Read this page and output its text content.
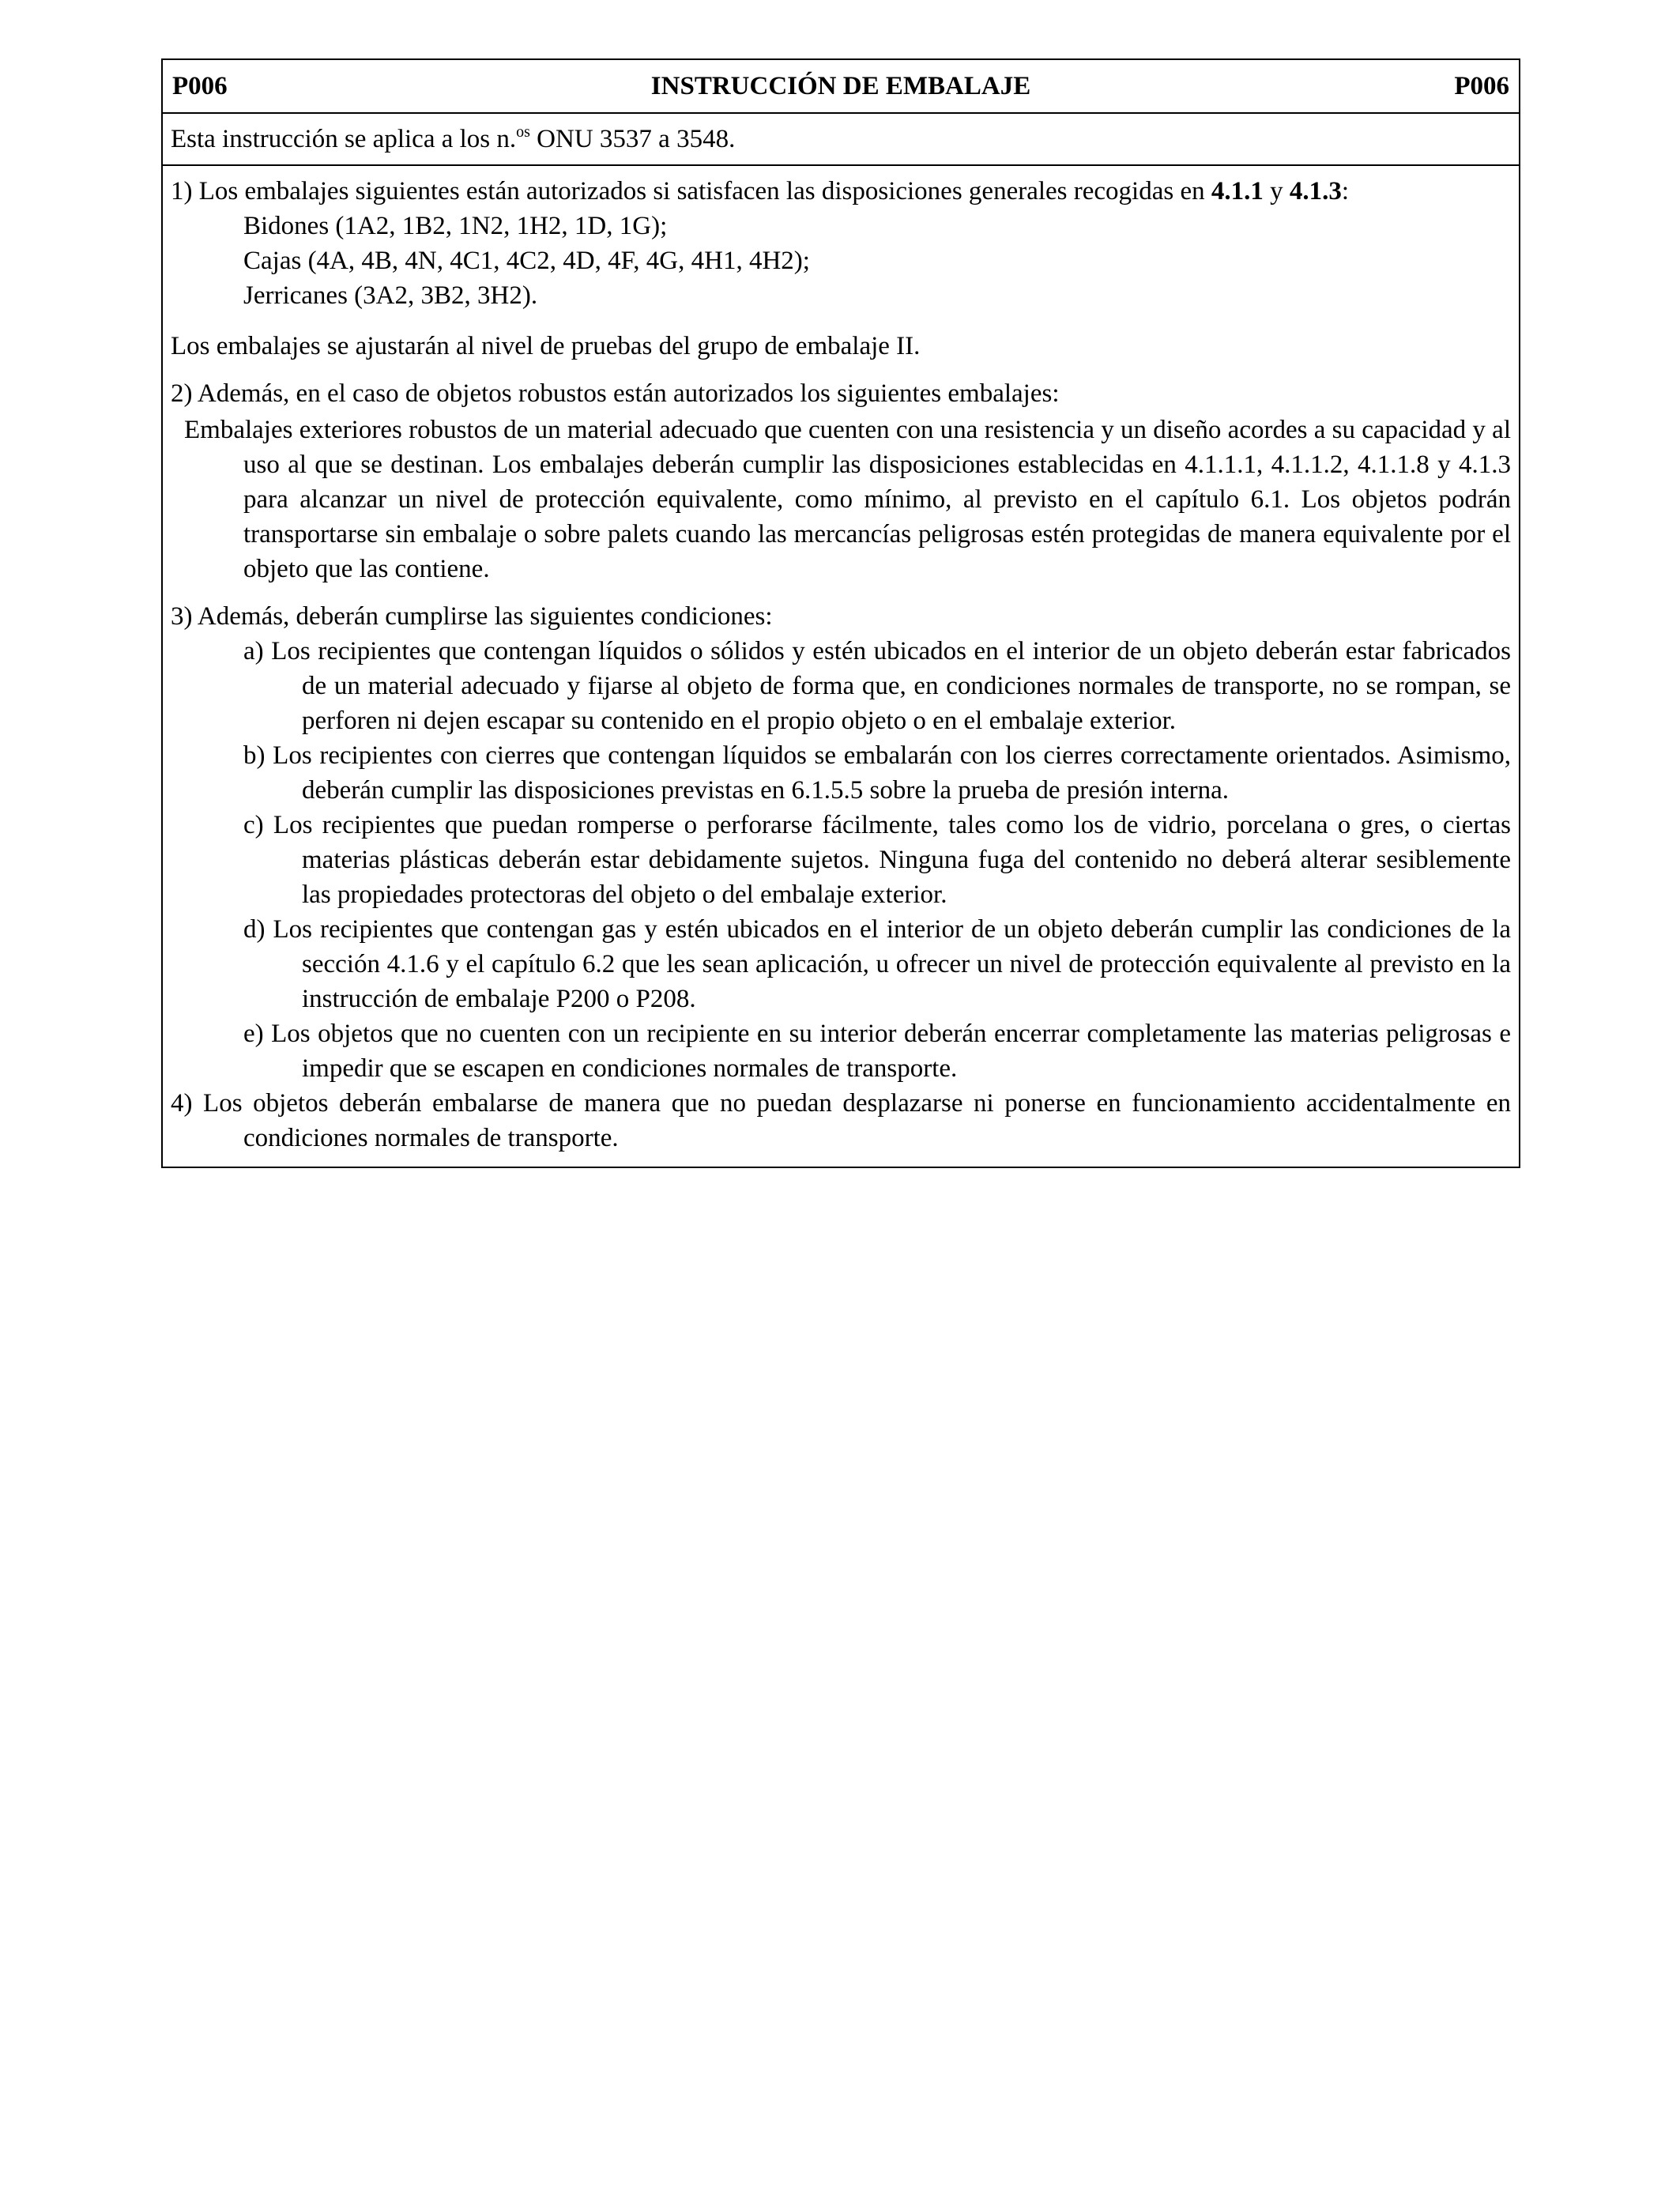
P006	INSTRUCCIÓN DE EMBALAJE	P006
Esta instrucción se aplica a los n.$^{os}$ ONU 3537 a 3548.

1) Los embalajes siguientes están autorizados si satisfacen las disposiciones generales recogidas en 4.1.1 y 4.1.3:

Bidones (1A2, 1B2, 1N2, 1H2, 1D, 1G);

Cajas (4A, 4B, 4N, 4C1, 4C2, 4D, 4F, 4G, 4H1, 4H2);

Jerricanes (3A2, 3B2, 3H2).

Los embalajes se ajustarán al nivel de pruebas del grupo de embalaje II.

2) Además, en el caso de objetos robustos están autorizados los siguientes embalajes:

Embalajes exteriores robustos de un material adecuado que cuenten con una resistencia y un diseño acordes a su capacidad y al uso al que se destinan. Los embalajes deberán cumplir las disposiciones establecidas en 4.1.1.1, 4.1.1.2, 4.1.1.8 y 4.1.3 para alcanzar un nivel de protección equivalente, como mínimo, al previsto en el capítulo 6.1. Los objetos podrán transportarse sin embalaje o sobre palets cuando las mercancías peligrosas estén protegidas de manera equivalente por el objeto que las contiene.

3) Además, deberán cumplirse las siguientes condiciones:

a) Los recipientes que contengan líquidos o sólidos y estén ubicados en el interior de un objeto deberán estar fabricados de un material adecuado y fijarse al objeto de forma que, en condiciones normales de transporte, no se rompan, se perforen ni dejen escapar su contenido en el propio objeto o en el embalaje exterior.

b) Los recipientes con cierres que contengan líquidos se embalarán con los cierres correctamente orientados. Asimismo, deberán cumplir las disposiciones previstas en 6.1.5.5 sobre la prueba de presión interna.

c) Los recipientes que puedan romperse o perforarse fácilmente, tales como los de vidrio, porcelana o gres, o ciertas materias plásticas deberán estar debidamente sujetos. Ninguna fuga del contenido no deberá alterar sesiblemente las propiedades protectoras del objeto o del embalaje exterior.

d) Los recipientes que contengan gas y estén ubicados en el interior de un objeto deberán cumplir las condiciones de la sección 4.1.6 y el capítulo 6.2 que les sean aplicación, u ofrecer un nivel de protección equivalente al previsto en la instrucción de embalaje P200 o P208.

e) Los objetos que no cuenten con un recipiente en su interior deberán encerrar completamente las materias peligrosas e impedir que se escapen en condiciones normales de transporte.

4) Los objetos deberán embalarse de manera que no puedan desplazarse ni ponerse en funcionamiento accidentalmente en condiciones normales de transporte.
